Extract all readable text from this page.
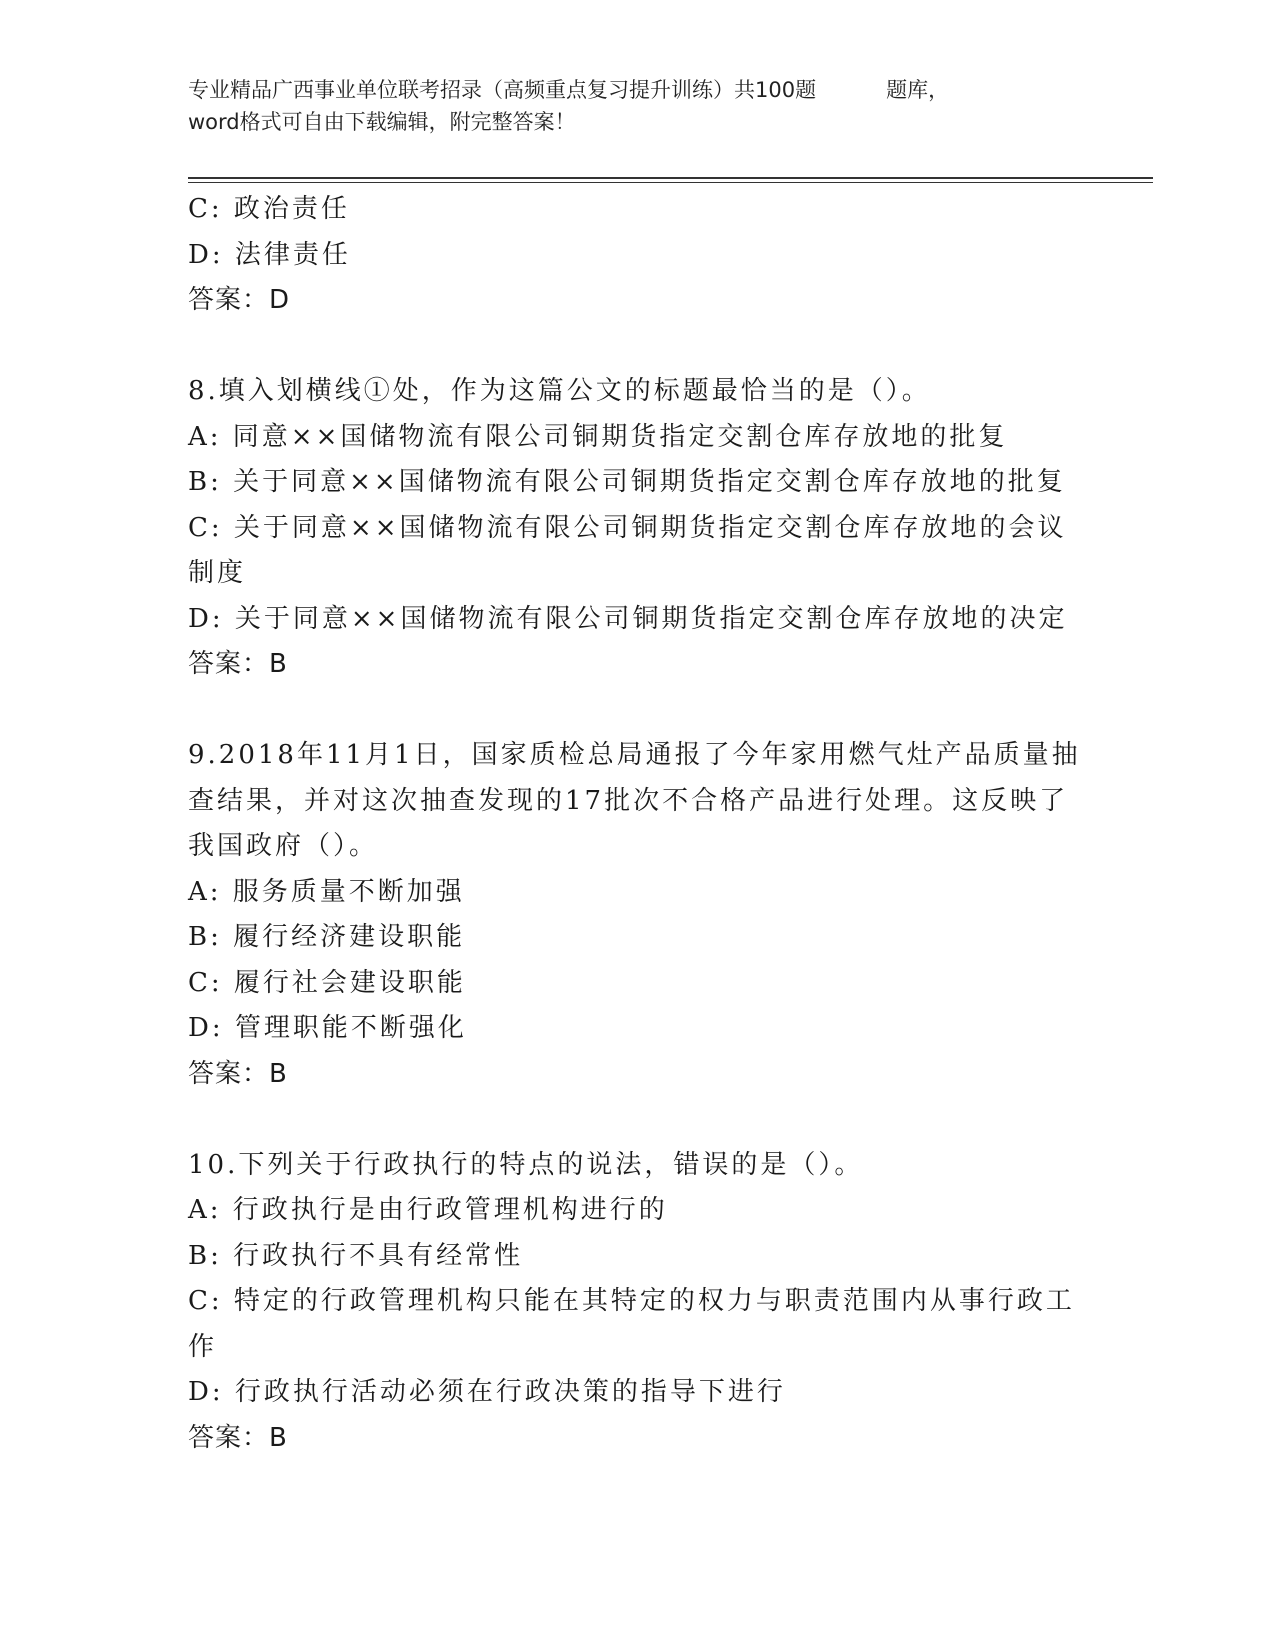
专业精品广西事业单位联考招录（高频重点复习提升训练）共100题	题库，
word格式可自由下载编辑，附完整答案！
C: 政治责任
D: 法律责任
答案：D
8.填入划横线①处，作为这篇公文的标题最恰当的是（）。
A: 同意××国储物流有限公司铜期货指定交割仓库存放地的批复
B: 关于同意××国储物流有限公司铜期货指定交割仓库存放地的批复
C: 关于同意××国储物流有限公司铜期货指定交割仓库存放地的会议
制度
D: 关于同意××国储物流有限公司铜期货指定交割仓库存放地的决定
答案：B
9.2018年11月1日，国家质检总局通报了今年家用燃气灶产品质量抽
查结果，并对这次抽查发现的17批次不合格产品进行处理。这反映了
我国政府（）。
A: 服务质量不断加强
B: 履行经济建设职能
C: 履行社会建设职能
D: 管理职能不断强化
答案：B
10.下列关于行政执行的特点的说法，错误的是（）。
A: 行政执行是由行政管理机构进行的
B: 行政执行不具有经常性
C: 特定的行政管理机构只能在其特定的权力与职责范围内从事行政工
作
D: 行政执行活动必须在行政决策的指导下进行
答案：B
